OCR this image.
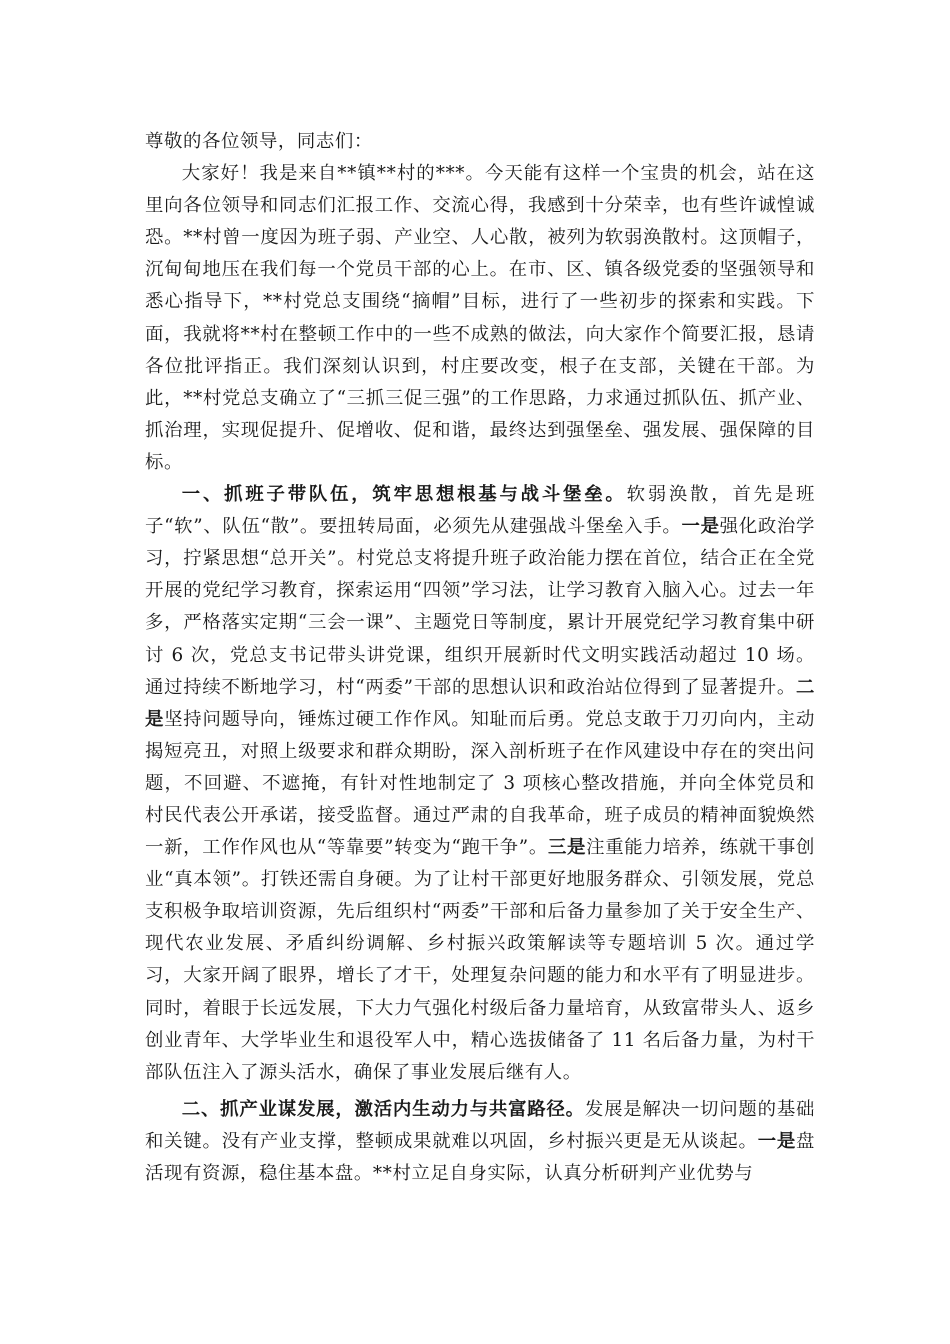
尊敬的各位领导，同志们：

大家好！我是来自**镇**村的***。今天能有这样一个宝贵的机会，站在这里向各位领导和同志们汇报工作、交流心得，我感到十分荣幸，也有些许诚惶诚恐。**村曾一度因为班子弱、产业空、人心散，被列为软弱涣散村。这顶帽子，沉甸甸地压在我们每一个党员干部的心上。在市、区、镇各级党委的坚强领导和悉心指导下，**村党总支围绕“摘帽”目标，进行了一些初步的探索和实践。下面，我就将**村在整顿工作中的一些不成熟的做法，向大家作个简要汇报，恳请各位批评指正。我们深刻认识到，村庄要改变，根子在支部，关键在干部。为此，**村党总支确立了“三抓三促三强”的工作思路，力求通过抓队伍、抓产业、抓治理，实现促提升、促增收、促和谐，最终达到强堡垒、强发展、强保障的目标。

一、抓班子带队伍，筑牢思想根基与战斗堡垒。软弱涣散，首先是班子“软”、队伍“散”。要扭转局面，必须先从建强战斗堡垒入手。一是强化政治学习，拧紧思想“总开关”。村党总支将提升班子政治能力摆在首位，结合正在全党开展的党纪学习教育，探索运用“四领”学习法，让学习教育入脑入心。过去一年多，严格落实定期“三会一课”、主题党日等制度，累计开展党纪学习教育集中研讨 6 次，党总支书记带头讲党课，组织开展新时代文明实践活动超过 10 场。通过持续不断地学习，村“两委”干部的思想认识和政治站位得到了显著提升。二是坚持问题导向，锤炼过硬工作作风。知耻而后勇。党总支敢于刀刃向内，主动揭短亮丑，对照上级要求和群众期盼，深入剖析班子在作风建设中存在的突出问题，不回避、不遮掩，有针对性地制定了 3 项核心整改措施，并向全体党员和村民代表公开承诺，接受监督。通过严肃的自我革命，班子成员的精神面貌焕然一新，工作作风也从“等靠要”转变为“跑干争”。三是注重能力培养，练就干事创业“真本领”。打铁还需自身硬。为了让村干部更好地服务群众、引领发展，党总支积极争取培训资源，先后组织村“两委”干部和后备力量参加了关于安全生产、现代农业发展、矛盾纠纷调解、乡村振兴政策解读等专题培训 5 次。通过学习，大家开阔了眼界，增长了才干，处理复杂问题的能力和水平有了明显进步。同时，着眼于长远发展，下大力气强化村级后备力量培育，从致富带头人、返乡创业青年、大学毕业生和退役军人中，精心选拔储备了 11 名后备力量，为村干部队伍注入了源头活水，确保了事业发展后继有人。

二、抓产业谋发展，激活内生动力与共富路径。发展是解决一切问题的基础和关键。没有产业支撑，整顿成果就难以巩固，乡村振兴更是无从谈起。一是盘活现有资源，稳住基本盘。**村立足自身实际，认真分析研判产业优势与
